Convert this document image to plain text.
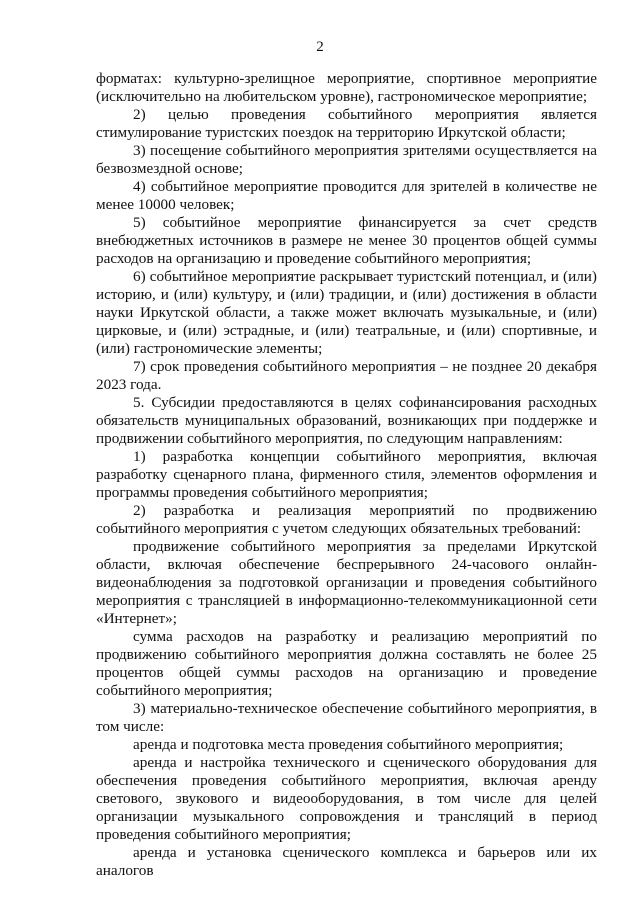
2

форматах: культурно-зрелищное мероприятие, спортивное мероприятие (исключительно на любительском уровне), гастрономическое мероприятие;

2) целью проведения событийного мероприятия является стимулирование туристских поездок на территорию Иркутской области;

3) посещение событийного мероприятия зрителями осуществляется на безвозмездной основе;

4) событийное мероприятие проводится для зрителей в количестве не менее 10000 человек;

5) событийное мероприятие финансируется за счет средств внебюджетных источников в размере не менее 30 процентов общей суммы расходов на организацию и проведение событийного мероприятия;

6) событийное мероприятие раскрывает туристский потенциал, и (или) историю, и (или) культуру, и (или) традиции, и (или) достижения в области науки Иркутской области, а также может включать музыкальные, и (или) цирковые, и (или) эстрадные, и (или) театральные, и (или) спортивные, и (или) гастрономические элементы;

7) срок проведения событийного мероприятия – не позднее 20 декабря 2023 года.

5. Субсидии предоставляются в целях софинансирования расходных обязательств муниципальных образований, возникающих при поддержке и продвижении событийного мероприятия, по следующим направлениям:

1) разработка концепции событийного мероприятия, включая разработку сценарного плана, фирменного стиля, элементов оформления и программы проведения событийного мероприятия;

2) разработка и реализация мероприятий по продвижению событийного мероприятия с учетом следующих обязательных требований:

продвижение событийного мероприятия за пределами Иркутской области, включая обеспечение беспрерывного 24-часового онлайн-видеонаблюдения за подготовкой организации и проведения событийного мероприятия с трансляцией в информационно-телекоммуникационной сети «Интернет»;

сумма расходов на разработку и реализацию мероприятий по продвижению событийного мероприятия должна составлять не более 25 процентов общей суммы расходов на организацию и проведение событийного мероприятия;

3) материально-техническое обеспечение событийного мероприятия, в том числе:

аренда и подготовка места проведения событийного мероприятия;

аренда и настройка технического и сценического оборудования для обеспечения проведения событийного мероприятия, включая аренду светового, звукового и видеооборудования, в том числе для целей организации музыкального сопровождения и трансляций в период проведения событийного мероприятия;

аренда и установка сценического комплекса и барьеров или их аналогов
